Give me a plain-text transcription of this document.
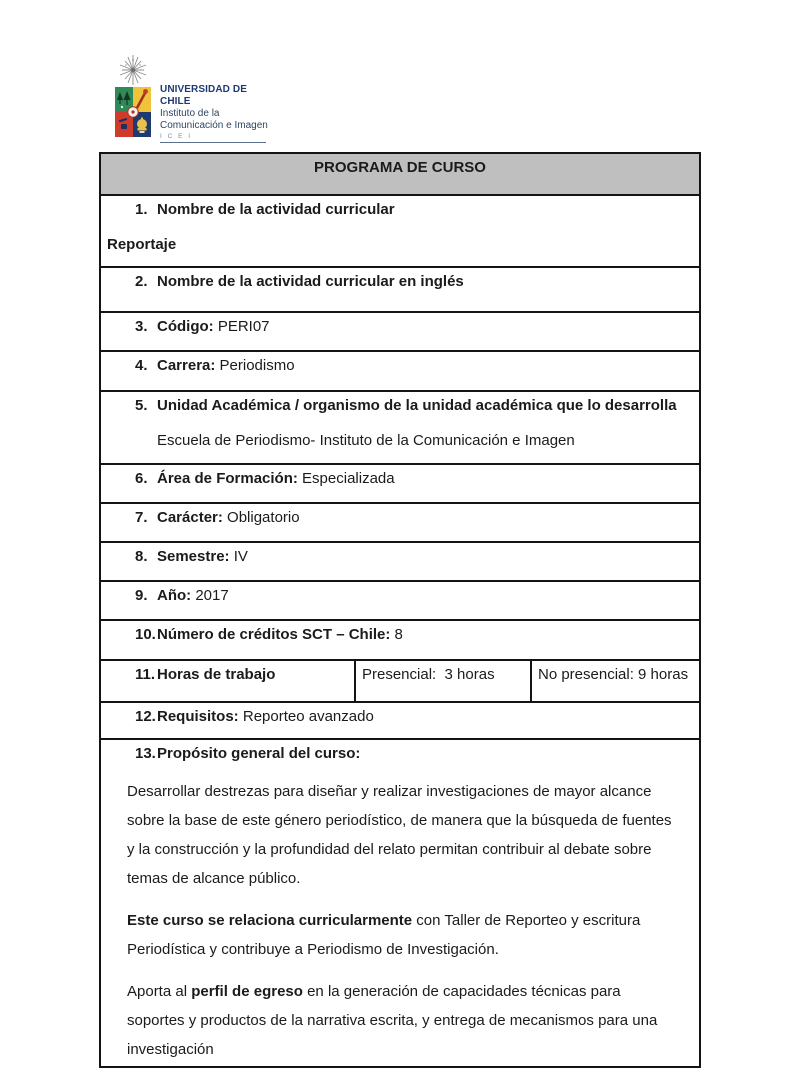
UNIVERSIDAD DE CHILE
Instituto de la
Comunicación e Imagen
I C E I
PROGRAMA DE CURSO

1. Nombre de la actividad curricular
Reportaje

2. Nombre de la actividad curricular en inglés

3. Código: PERI07

4. Carrera: Periodismo

5. Unidad Académica / organismo de la unidad académica que lo desarrolla
Escuela de Periodismo- Instituto de la Comunicación e Imagen

6. Área de Formación: Especializada

7. Carácter: Obligatorio

8. Semestre: IV

9. Año: 2017

10.Número de créditos SCT – Chile: 8

11. Horas de trabajo	Presencial:  3 horas	No presencial: 9 horas

12.Requisitos: Reporteo avanzado

13.Propósito general del curso:
Desarrollar destrezas para diseñar y realizar investigaciones de mayor alcance sobre la base de este género periodístico, de manera que la búsqueda de fuentes y la construcción y la profundidad del relato permitan contribuir al debate sobre temas de alcance público.
Este curso se relaciona curricularmente con Taller de Reporteo y escritura Periodística y contribuye a Periodismo de Investigación.
Aporta al perfil de egreso en la generación de capacidades técnicas para soportes y productos de la narrativa escrita, y entrega de mecanismos para una investigación
